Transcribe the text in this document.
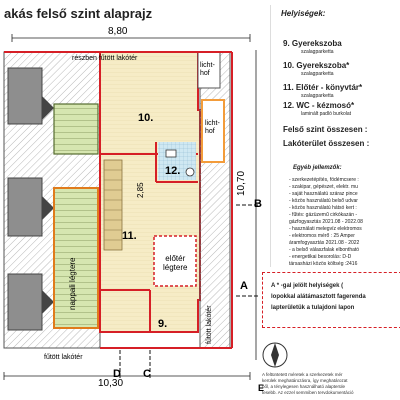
akás felső szint alaprajz
8,80
10,30
10,70
2,85
10.
12.
11.
9.
előtér
légtere
nappali légtere
részben fűtött lakótér
fűtött lakótér
fűtött lakótér
licht-
hof
licht-
hof
A
B
C
D
E
Helyiségek:
9. Gyerekszoba
szalagparketta
10. Gyerekszoba*
szalagparketta
11. Előtér - könyvtár*
szalagparketta
12. WC - kézmosó*
laminált padló burkolat
Felső szint összesen :
Lakóterület összesen :
Egyéb jellemzők:
- szerkezetépítés, födémcsere :
- szakipar, gépészet, elektr. mu
- saját használatú száraz pince
- közös használatú belső udvar
- közös használatú hátsó kert :
- fűtés: gázüzemű cirkókazán -
gázfogyasztás 2021.08 - 2022.08
- használati melegvíz elektromos
- elektromos mérő : 25 Amper
áramfogyasztás 2021.08 - 2022
- a belső válaszfalak elbontható
- energetikai besorolás: D-D
társasházi közös költség :2416
A * -gal jelölt helyiségek (
lopokkal alátámasztott fagerenda
lapterületük a tulajdoni lapon
A feltüntetett méretek a szerkezetek mér
kerülek meghatározásra, így meghatározat
ből, a ténylegesen használható alapterüle
tesebb. Az ezzel semmiben tervdokumentáció
